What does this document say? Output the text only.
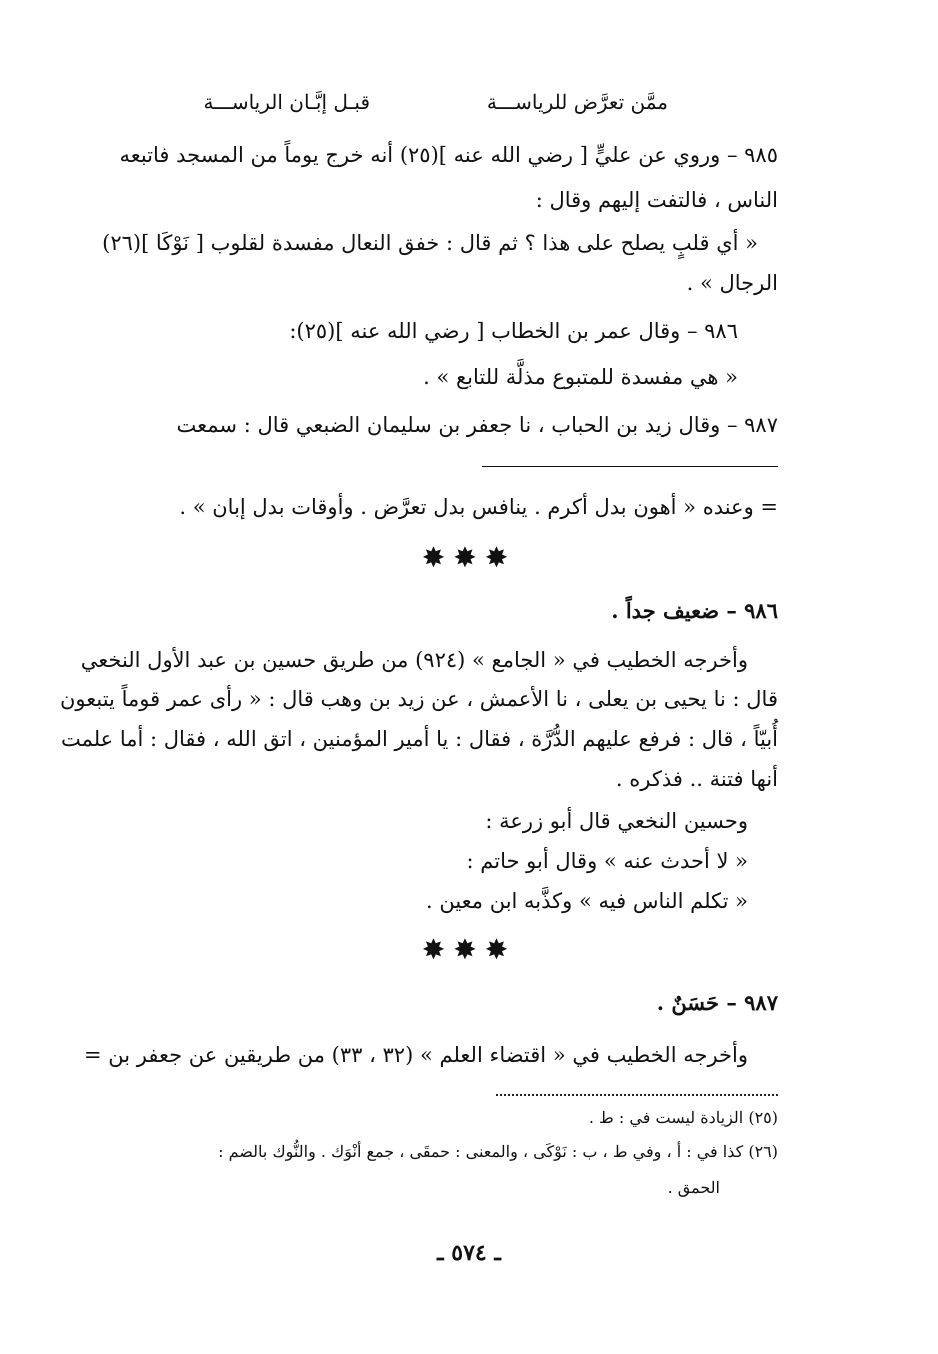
ممَّن تعرَّض للرياســـة
قبـل إبَّـان الرياســـة

٩٨٥ – وروي عن عليٍّ [ رضي الله عنه ](٢٥) أنه خرج يوماً من المسجد فاتبعه

الناس ، فالتفت إليهم وقال :

« أي قلبٍ يصلح على هذا ؟ ثم قال : خفق النعال مفسدة لقلوب [ نَوْكَا ](٢٦)

الرجال » .

٩٨٦ – وقال عمر بن الخطاب [ رضي الله عنه ](٢٥):

« هي مفسدة للمتبوع مذلَّة للتابع » .

٩٨٧ – وقال زيد بن الحباب ، نا جعفر بن سليمان الضبعي قال : سمعت

= وعنده « أهون بدل أكرم . ينافس بدل تعرَّض . وأوقات بدل إبان » .

✸✸✸

٩٨٦ – ضعيف جداً .

وأخرجه الخطيب في « الجامع » (٩٢٤) من طريق حسين بن عبد الأول النخعي

قال : نا يحيى بن يعلى ، نا الأعمش ، عن زيد بن وهب قال : « رأى عمر قوماً يتبعون

أُبيّاً ، قال : فرفع عليهم الدُّرَّة ، فقال : يا أمير المؤمنين ، اتق الله ، فقال : أما علمت

أنها فتنة .. فذكره .

وحسين النخعي قال أبو زرعة :

« لا أحدث عنه » وقال أبو حاتم :

« تكلم الناس فيه » وكذَّبه ابن معين .

✸✸✸

٩٨٧ – حَسَنٌ .

وأخرجه الخطيب في « اقتضاء العلم » (٣٢ ، ٣٣) من طريقين عن جعفر بن =

(٢٥) الزيادة ليست في : ط .
(٢٦) كذا في : أ ، وفي ط ، ب : نَوْكَى ، والمعنى : حمقَى ، جمع أنْوَك . والنُّوك بالضم :
الحمق .
ـ ٥٧٤ ـ
